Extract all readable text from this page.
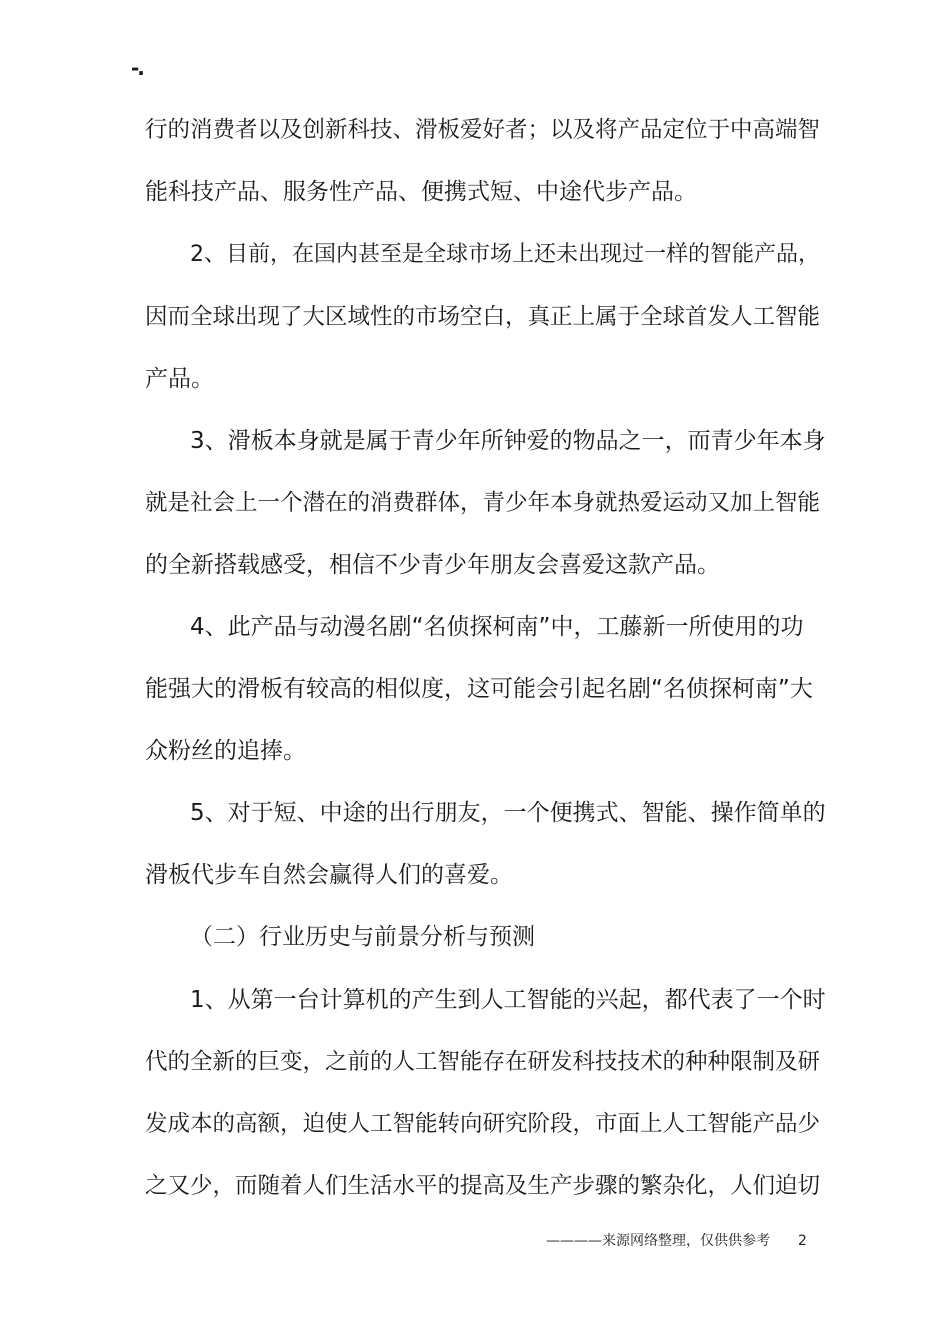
-.
行的消费者以及创新科技、滑板爱好者；以及将产品定位于中高端智
能科技产品、服务性产品、便携式短、中途代步产品。
2、目前，在国内甚至是全球市场上还未出现过一样的智能产品，
因而全球出现了大区域性的市场空白，真正上属于全球首发人工智能
产品。
3、滑板本身就是属于青少年所钟爱的物品之一，而青少年本身
就是社会上一个潜在的消费群体，青少年本身就热爱运动又加上智能
的全新搭载感受，相信不少青少年朋友会喜爱这款产品。
4、此产品与动漫名剧“名侦探柯南”中，工藤新一所使用的功
能强大的滑板有较高的相似度，这可能会引起名剧“名侦探柯南”大
众粉丝的追捧。
5、对于短、中途的出行朋友，一个便携式、智能、操作简单的
滑板代步车自然会赢得人们的喜爱。
（二）行业历史与前景分析与预测
1、从第一台计算机的产生到人工智能的兴起，都代表了一个时
代的全新的巨变，之前的人工智能存在研发科技技术的种种限制及研
发成本的高额，迫使人工智能转向研究阶段，市面上人工智能产品少
之又少，而随着人们生活水平的提高及生产步骤的繁杂化，人们迫切
————来源网络整理，仅供供参考 2
